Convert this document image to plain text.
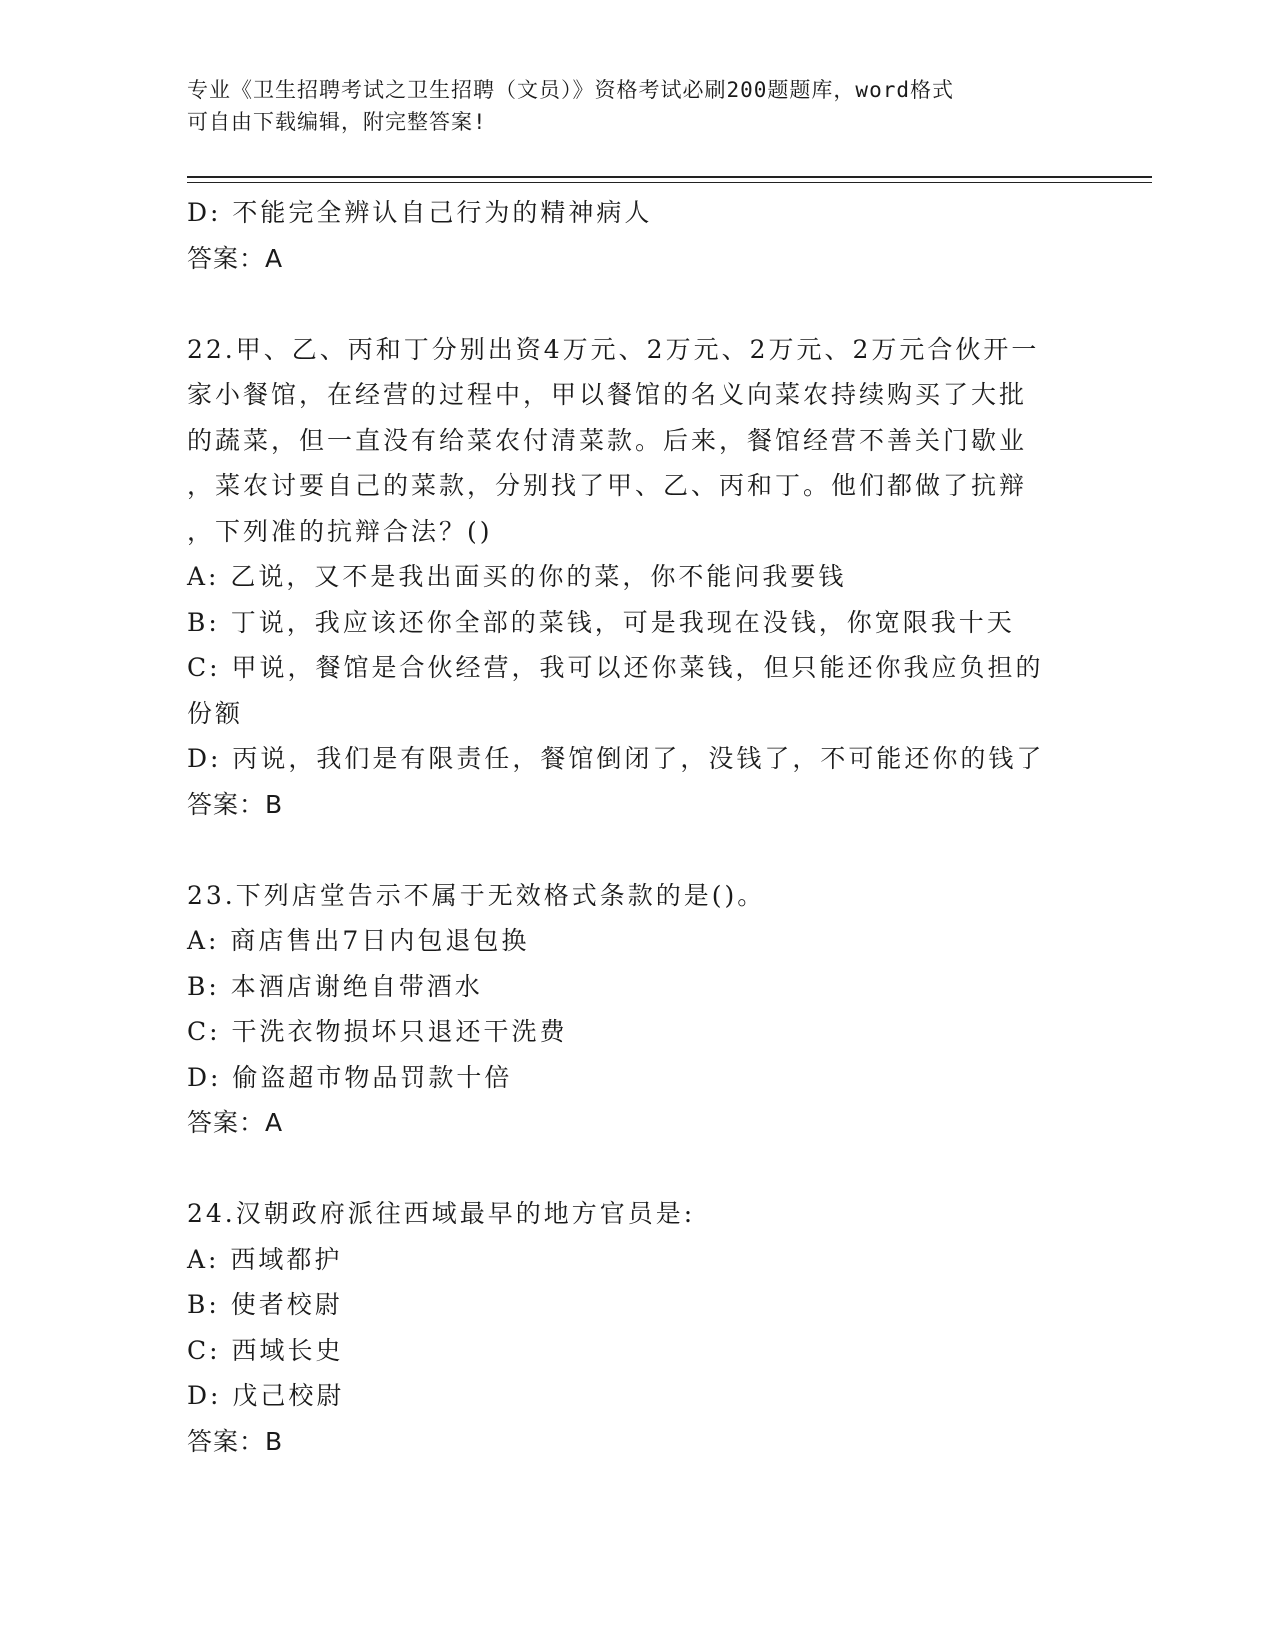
专业《卫生招聘考试之卫生招聘（文员）》资格考试必刷200题题库，word格式
可自由下载编辑，附完整答案!
D: 不能完全辨认自己行为的精神病人
答案：A
22.甲、乙、丙和丁分别出资4万元、2万元、2万元、2万元合伙开一
家小餐馆，在经营的过程中，甲以餐馆的名义向菜农持续购买了大批
的蔬菜，但一直没有给菜农付清菜款。后来，餐馆经营不善关门歇业
，菜农讨要自己的菜款，分别找了甲、乙、丙和丁。他们都做了抗辩
，下列准的抗辩合法？()
A: 乙说，又不是我出面买的你的菜，你不能问我要钱
B: 丁说，我应该还你全部的菜钱，可是我现在没钱，你宽限我十天
C: 甲说，餐馆是合伙经营，我可以还你菜钱，但只能还你我应负担的
份额
D: 丙说，我们是有限责任，餐馆倒闭了，没钱了，不可能还你的钱了
答案：B
23.下列店堂告示不属于无效格式条款的是()。
A: 商店售出7日内包退包换
B: 本酒店谢绝自带酒水
C: 干洗衣物损坏只退还干洗费
D: 偷盗超市物品罚款十倍
答案：A
24.汉朝政府派往西域最早的地方官员是:
A: 西域都护
B: 使者校尉
C: 西域长史
D: 戊己校尉
答案：B
